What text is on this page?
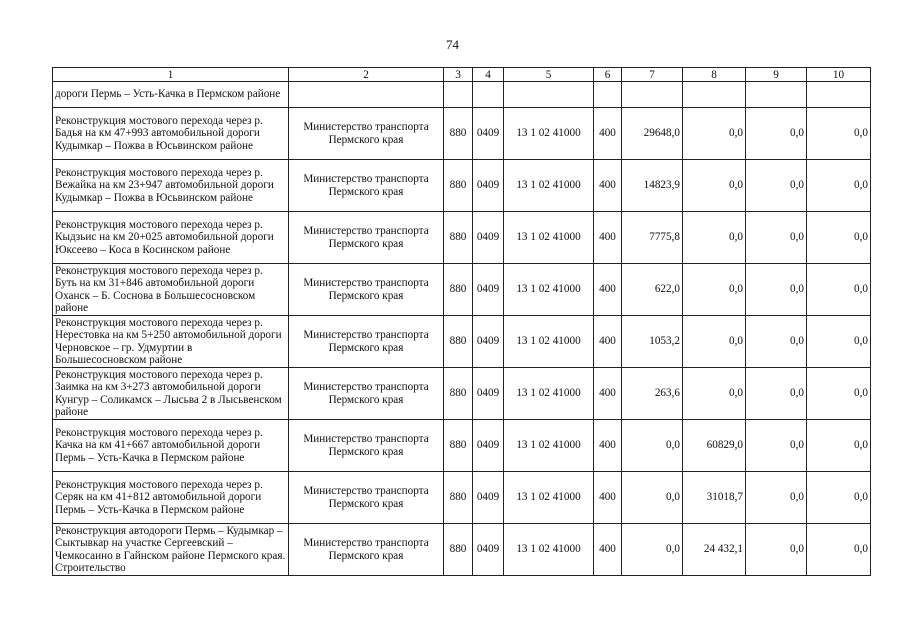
74
1	2	3	4	5	6	7	8	9	10
дороги Пермь – Усть-Качка в Пермском районе									
Реконструкция мостового перехода через р. Бадья на км 47+993 автомобильной дороги Кудымкар – Пожва в Юсьвинском районе	Министерство транспорта Пермского края	880	0409	13 1 02 41000	400	29648,0	0,0	0,0	0,0
Реконструкция мостового перехода через р. Вежайка на км 23+947 автомобильной дороги Кудымкар – Пожва в Юсьвинском районе	Министерство транспорта Пермского края	880	0409	13 1 02 41000	400	14823,9	0,0	0,0	0,0
Реконструкция мостового перехода через р. Кыдзьис на км 20+025 автомобильной дороги Юксеево – Коса в Косинском районе	Министерство транспорта Пермского края	880	0409	13 1 02 41000	400	7775,8	0,0	0,0	0,0
Реконструкция мостового перехода через р. Буть на км 31+846 автомобильной дороги Оханск – Б. Соснова в Большесосновском районе	Министерство транспорта Пермского края	880	0409	13 1 02 41000	400	622,0	0,0	0,0	0,0
Реконструкция мостового перехода через р. Нерестовка на км 5+250 автомобильной дороги Черновское – гр. Удмуртии в Большесосновском районе	Министерство транспорта Пермского края	880	0409	13 1 02 41000	400	1053,2	0,0	0,0	0,0
Реконструкция мостового перехода через р. Заимка на км 3+273 автомобильной дороги Кунгур – Соликамск – Лысьва 2 в Лысьвенском районе	Министерство транспорта Пермского края	880	0409	13 1 02 41000	400	263,6	0,0	0,0	0,0
Реконструкция мостового перехода через р. Качка на км 41+667 автомобильной дороги Пермь – Усть-Качка в Пермском районе	Министерство транспорта Пермского края	880	0409	13 1 02 41000	400	0,0	60829,0	0,0	0,0
Реконструкция мостового перехода через р. Серяк на км 41+812 автомобильной дороги Пермь – Усть-Качка в Пермском районе	Министерство транспорта Пермского края	880	0409	13 1 02 41000	400	0,0	31018,7	0,0	0,0
Реконструкция автодороги Пермь – Кудымкар – Сыктывкар на участке Сергеевский – Чемкосаино в Гайнском районе Пермского края. Строительство	Министерство транспорта Пермского края	880	0409	13 1 02 41000	400	0,0	24 432,1	0,0	0,0
